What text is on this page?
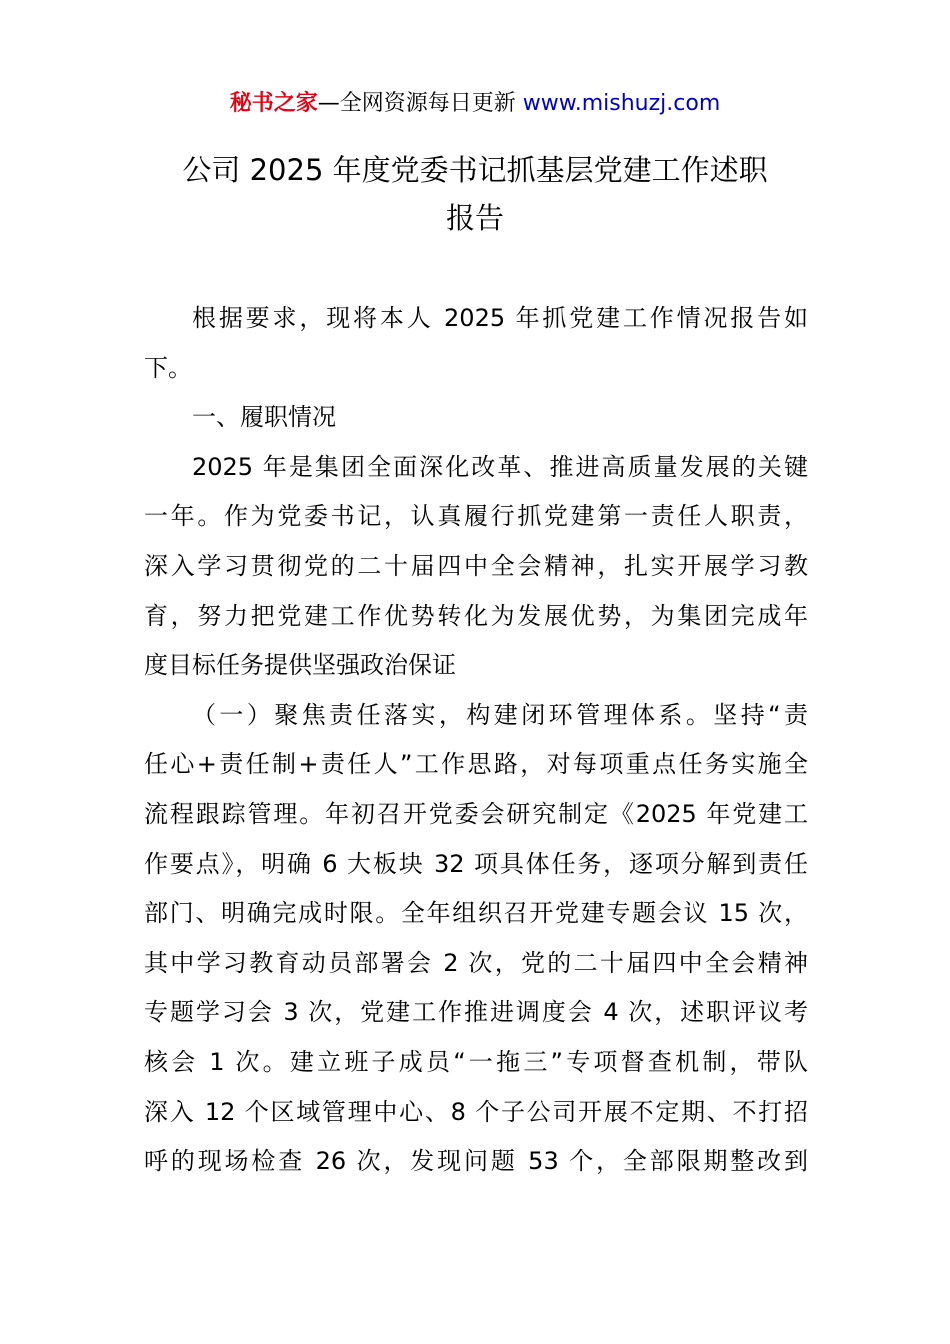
秘书之家—全网资源每日更新 www.mishuzj.com
公司 2025 年度党委书记抓基层党建工作述职
报告
根据要求，现将本人 2025 年抓党建工作情况报告如
下。
一、履职情况
2025 年是集团全面深化改革、推进高质量发展的关键
一年。作为党委书记，认真履行抓党建第一责任人职责，
深入学习贯彻党的二十届四中全会精神，扎实开展学习教
育，努力把党建工作优势转化为发展优势，为集团完成年
度目标任务提供坚强政治保证
（一）聚焦责任落实，构建闭环管理体系。坚持“责
任心+责任制+责任人”工作思路，对每项重点任务实施全
流程跟踪管理。年初召开党委会研究制定《2025 年党建工
作要点》，明确 6 大板块 32 项具体任务，逐项分解到责任
部门、明确完成时限。全年组织召开党建专题会议 15 次，
其中学习教育动员部署会 2 次，党的二十届四中全会精神
专题学习会 3 次，党建工作推进调度会 4 次，述职评议考
核会 1 次。建立班子成员“一拖三”专项督查机制，带队
深入 12 个区域管理中心、8 个子公司开展不定期、不打招
呼的现场检查 26 次，发现问题 53 个，全部限期整改到
